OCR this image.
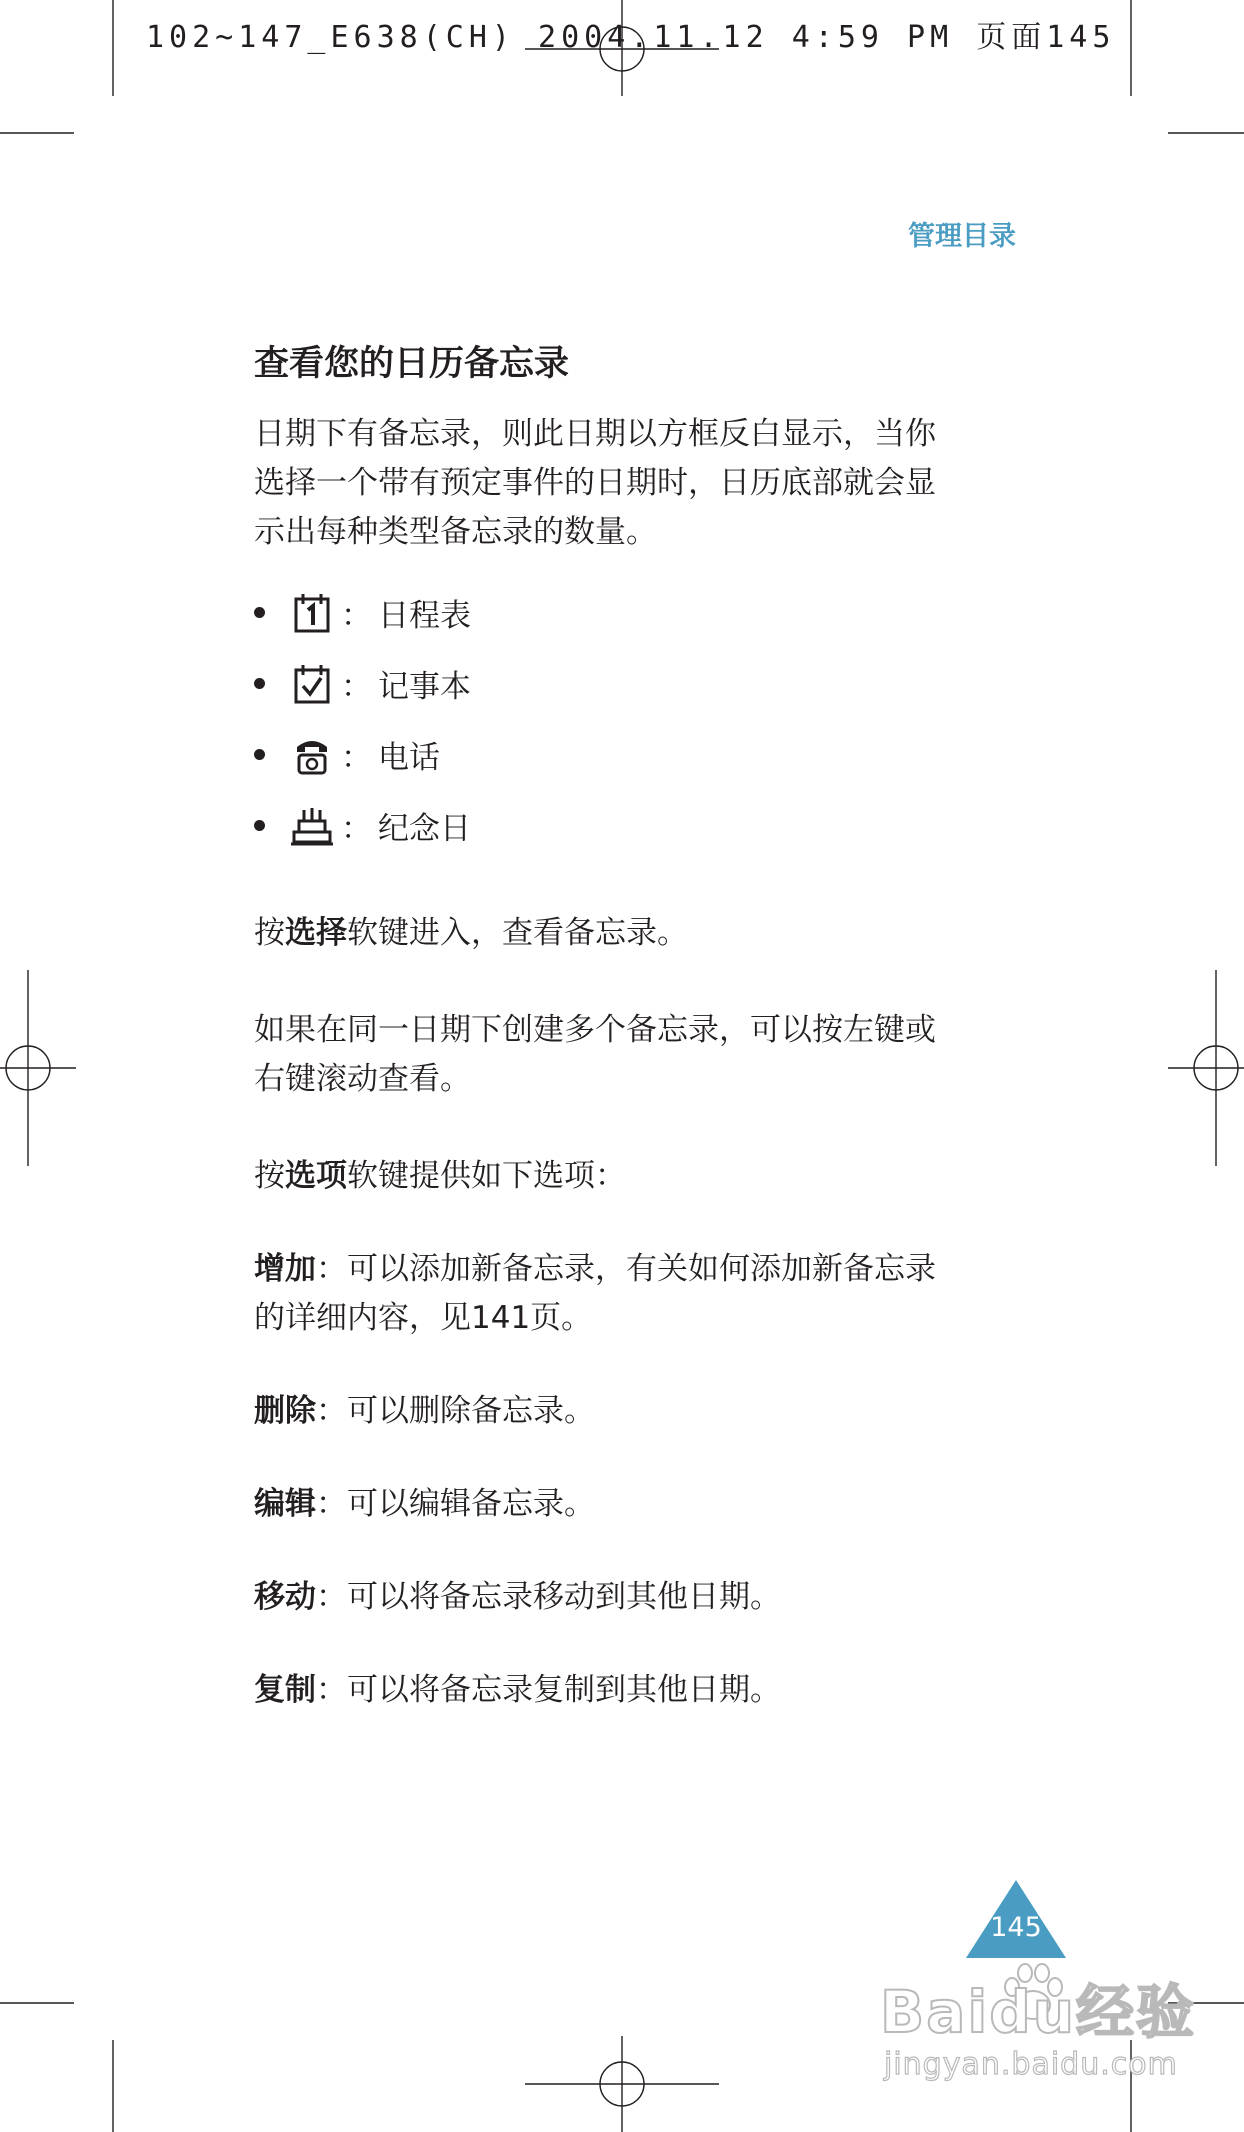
102~147_E638(CH) 2004.11.12 4:59 PM 页面145
管理目录
查看您的日历备忘录

日期下有备忘录，则此日期以方框反白显示，当你
选择一个带有预定事件的日期时，日历底部就会显
示出每种类型备忘录的数量。

： 日程表
： 记事本
： 电话
： 纪念日

按选择软键进入，查看备忘录。

如果在同一日期下创建多个备忘录，可以按左键或
右键滚动查看。

按选项软键提供如下选项：

增加：可以添加新备忘录，有关如何添加新备忘录
的详细内容，见141页。

删除：可以删除备忘录。

编辑：可以编辑备忘录。

移动：可以将备忘录移动到其他日期。

复制：可以将备忘录复制到其他日期。

145
Baidu经验
jingyan.baidu.com
